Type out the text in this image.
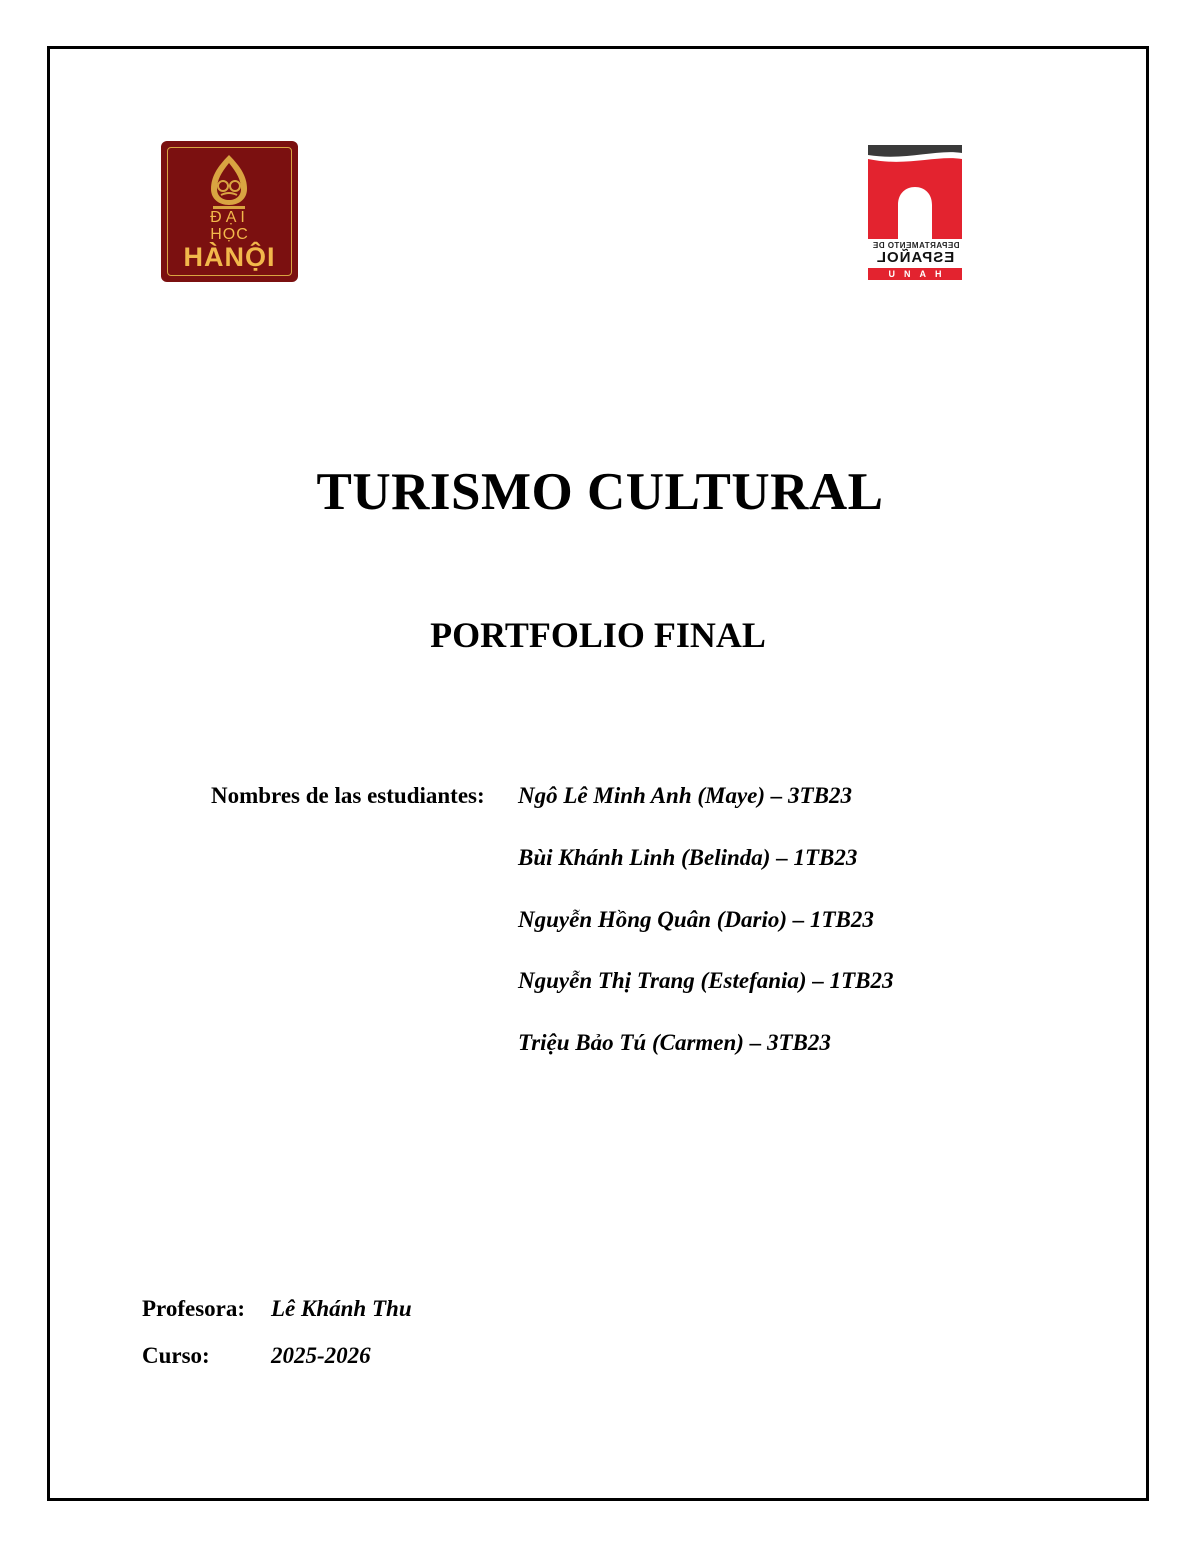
ĐẠI
HỌC
HÀNỘI	DEPARTAMENTO DE
ESPAÑOL
UNAH
TURISMO CULTURAL
PORTFOLIO FINAL
Nombres de las estudiantes: Ngô Lê Minh Anh (Maye) – 3TB23
Bùi Khánh Linh (Belinda) – 1TB23
Nguyễn Hồng Quân (Dario) – 1TB23
Nguyễn Thị Trang (Estefania) – 1TB23
Triệu Bảo Tú (Carmen) – 3TB23
Profesora: Lê Khánh Thu
Curso:	2025-2026
